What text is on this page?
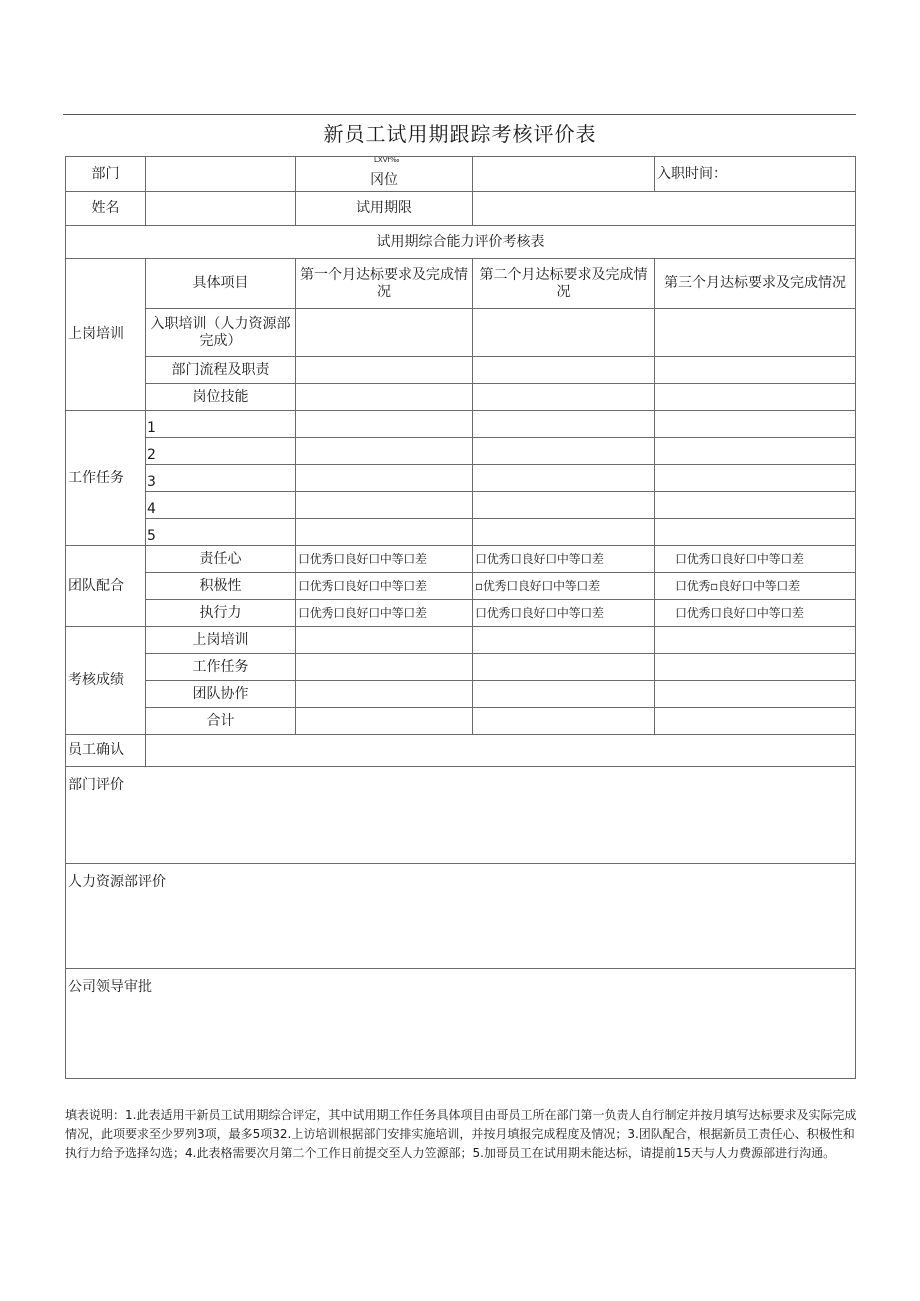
新员工试用期跟踪考核评价表
LXVf‰
部门		冈位		入职时间：
姓名		试用期限		
试用期综合能力评价考核表				
上岗培训	具体项目	第一个月达标要求及完成情况	第二个月达标要求及完成情况	第三个月达标要求及完成情况
	入职培训（人力资源部完成）			
	部门流程及职责			
	岗位技能			
工作任务	1			
	2			
	3			
	4			
	5			
团队配合	责任心	口优秀口良好口中等口差	口优秀口良好口中等口差	口优秀口良好口中等口差
	积极性	口优秀口良好口中等口差	▫优秀口良好口中等口差	口优秀▫良好口中等口差
	执行力	口优秀口良好口中等口差	口优秀口良好口中等口差	口优秀口良好口中等口差
考核成绩	上岗培训			
	工作任务			
	团队协作			
	合计			
员工确认				
部门评价				
人力资源部评价				
公司领导审批				
填表说明：1.此表适用干新员工试用期综合评定，其中试用期工作任务具体项目由哥员工所在部门第一负责人自行制定并按月填写达标要求及实际完成情况，此项要求至少罗列3项，最多5项32.上访培训根据部门安排实施培训，并按月填报完成程度及情况；3.团队配合，根据新员工责任心、积极性和执行力给予选择勾选；4.此表格需要次月第二个工作日前提交至人力笠源部；5.加哥员工在试用期未能达标，请提前15天与人力费源部进行沟通。
